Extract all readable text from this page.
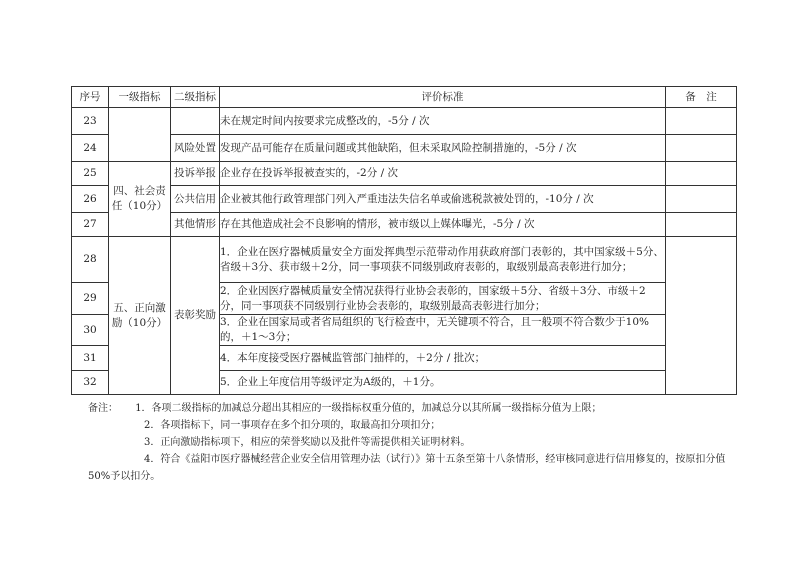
序号	一级指标	二级指标	评价标准	备　注
23			未在规定时间内按要求完成整改的，-5分 / 次	
24		风险处置	发现产品可能存在质量问题或其他缺陷，但未采取风险控制措施的，-5分 / 次	
25	四、社会责任（10分）	投诉举报	企业存在投诉举报被查实的，-2分 / 次	
26		公共信用	企业被其他行政管理部门列入严重违法失信名单或偷逃税款被处罚的，-10分 / 次	
27		其他情形	存在其他造成社会不良影响的情形，被市级以上媒体曝光，-5分 / 次	
28	五、正向激励（10分）	表彰奖励	1．企业在医疗器械质量安全方面发挥典型示范带动作用获政府部门表彰的，其中国家级＋5分、省级＋3分、获市级＋2分，同一事项获不同级别政府表彰的，取级别最高表彰进行加分；	
29			2．企业因医疗器械质量安全情况获得行业协会表彰的，国家级＋5分、省级＋3分、市级＋2分，同一事项获不同级别行业协会表彰的，取级别最高表彰进行加分；	
30			3．企业在国家局或者省局组织的飞行检查中，无关键项不符合，且一般项不符合数少于10%的，＋1～3分；	
31			4．本年度接受医疗器械监管部门抽样的，＋2分 / 批次；	
32			5．企业上年度信用等级评定为A级的，＋1分。	
备注： 1．各项二级指标的加减总分超出其相应的一级指标权重分值的，加减总分以其所属一级指标分值为上限；
2．各项指标下，同一事项存在多个扣分项的，取最高扣分项扣分；
3．正向激励指标项下，相应的荣誉奖励以及批件等需提供相关证明材料。
4．符合《益阳市医疗器械经营企业安全信用管理办法（试行）》第十五条至第十八条情形，经审核同意进行信用修复的，按原扣分值50%予以扣分。
